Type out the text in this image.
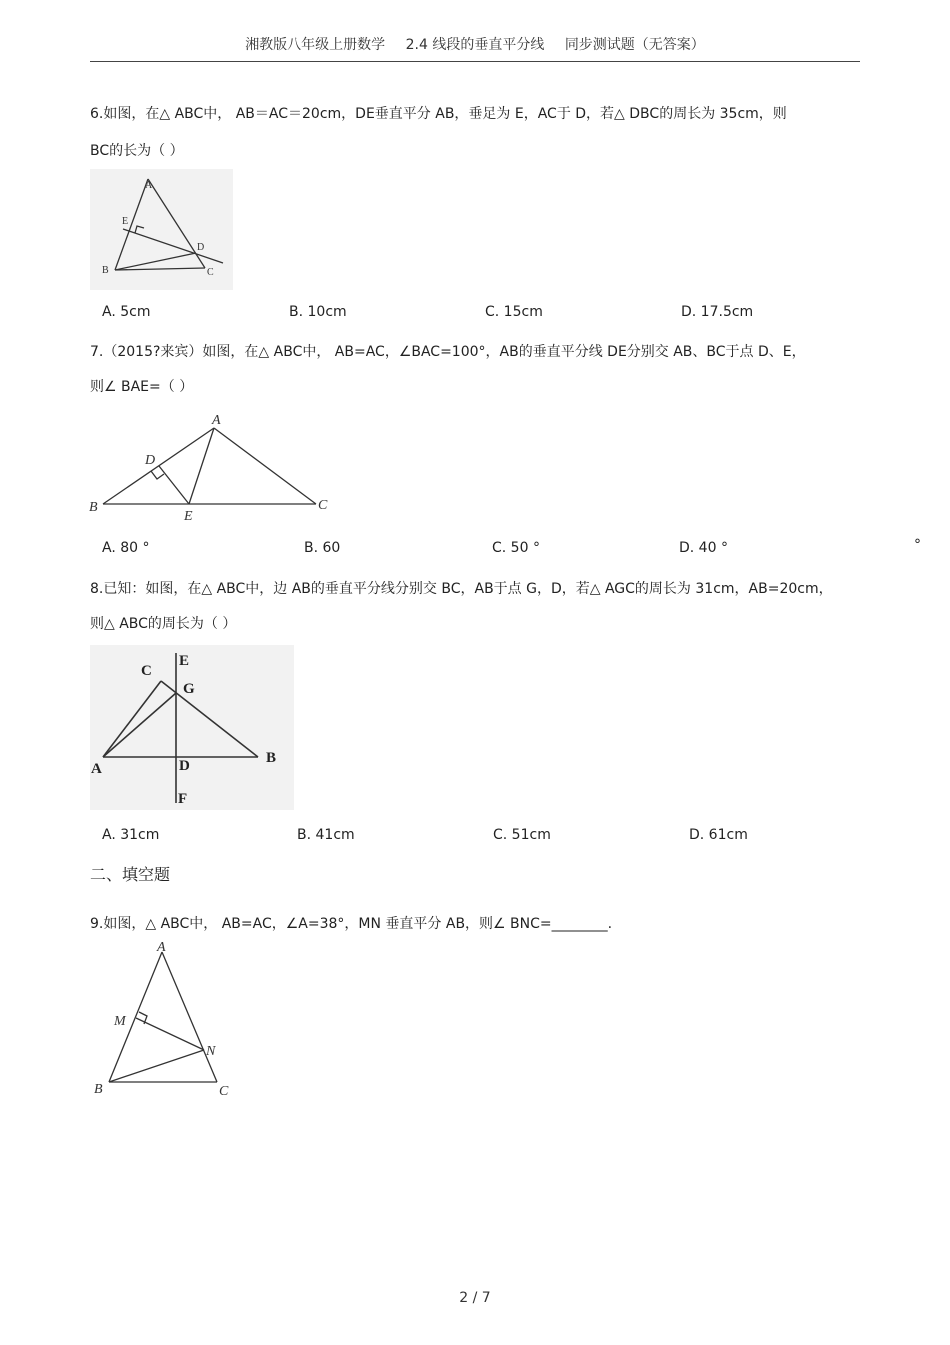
湘教版八年级上册数学 2.4 线段的垂直平分线 同步测试题（无答案）
6.如图，在△ ABC中， AB＝AC＝20cm，DE垂直平分 AB，垂足为 E，AC于 D，若△ DBC的周长为 35cm，则
BC的长为（ ）
A
B	C
D
E
A. 5cm	B. 10cm	C. 15cm	D. 17.5cm
7.（2015?来宾）如图，在△ ABC中， AB=AC，∠BAC=100°，AB的垂直平分线 DE分别交 AB、BC于点 D、E，
则∠ BAE=（ ）
A
B	C
D
E
A. 80 °	B. 60	C. 50 °	D. 40 °	°
8.已知：如图，在△ ABC中，边 AB的垂直平分线分别交 BC，AB于点 G，D，若△ AGC的周长为 31cm，AB=20cm，
则△ ABC的周长为（ ）
A
B
C
D
E
F
G
A. 31cm	B. 41cm	C. 51cm	D. 61cm
二、填空题
9.如图，△ ABC中， AB=AC，∠A=38°，MN 垂直平分 AB，则∠ BNC=________.
A
B	C
M
N
2 / 7
